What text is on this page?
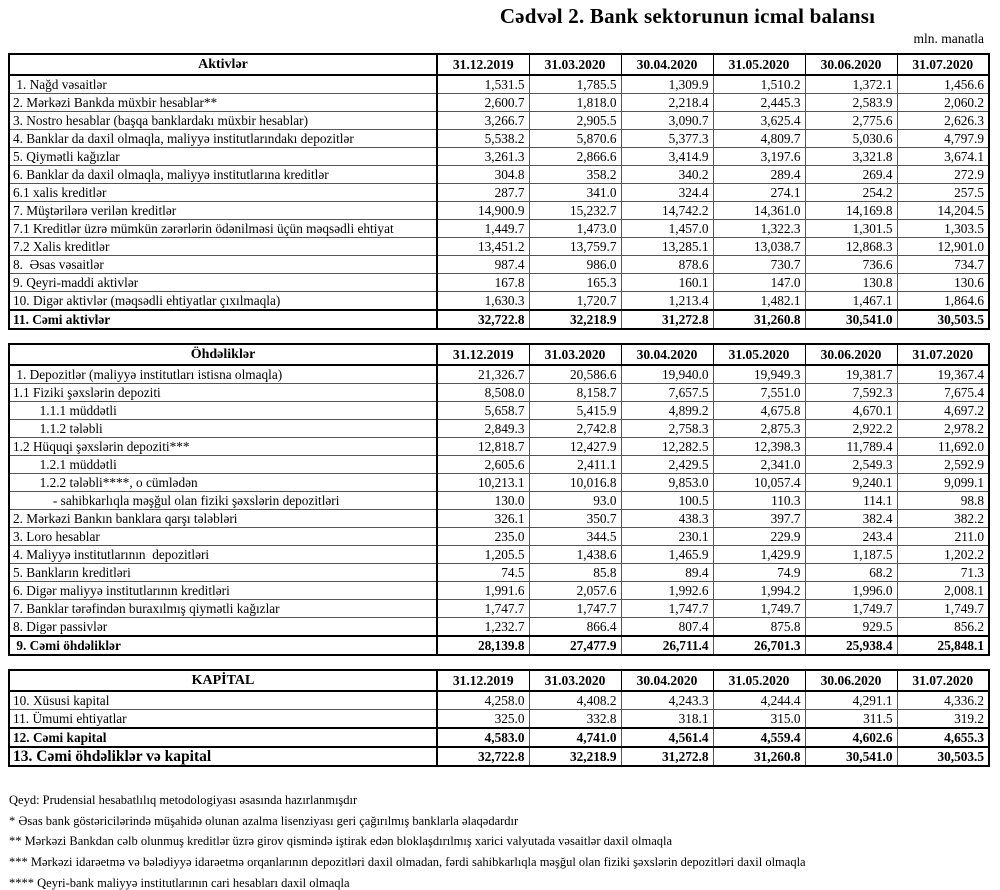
Cədvəl 2. Bank sektorunun icmal balansı
mln. manatla
Aktivlər	31.12.2019	31.03.2020	30.04.2020	31.05.2020	30.06.2020	31.07.2020
1. Nağd vəsaitlər	1,531.5	1,785.5	1,309.9	1,510.2	1,372.1	1,456.6
2. Mərkəzi Bankda müxbir hesablar**	2,600.7	1,818.0	2,218.4	2,445.3	2,583.9	2,060.2
3. Nostro hesablar (başqa banklardakı müxbir hesablar)	3,266.7	2,905.5	3,090.7	3,625.4	2,775.6	2,626.3
4. Banklar da daxil olmaqla, maliyyə institutlarındakı depozitlər	5,538.2	5,870.6	5,377.3	4,809.7	5,030.6	4,797.9
5. Qiymətli kağızlar	3,261.3	2,866.6	3,414.9	3,197.6	3,321.8	3,674.1
6. Banklar da daxil olmaqla, maliyyə institutlarına kreditlər	304.8	358.2	340.2	289.4	269.4	272.9
6.1 xalis kreditlər	287.7	341.0	324.4	274.1	254.2	257.5
7. Müştərilərə verilən kreditlər	14,900.9	15,232.7	14,742.2	14,361.0	14,169.8	14,204.5
7.1 Kreditlər üzrə mümkün zərərlərin ödənilməsi üçün məqsədli ehtiyat	1,449.7	1,473.0	1,457.0	1,322.3	1,301.5	1,303.5
7.2 Xalis kreditlər	13,451.2	13,759.7	13,285.1	13,038.7	12,868.3	12,901.0
8.  Əsas vəsaitlər	987.4	986.0	878.6	730.7	736.6	734.7
9. Qeyri-maddi aktivlər	167.8	165.3	160.1	147.0	130.8	130.6
10. Digər aktivlər (məqsədli ehtiyatlar çıxılmaqla)	1,630.3	1,720.7	1,213.4	1,482.1	1,467.1	1,864.6
11. Cəmi aktivlər	32,722.8	32,218.9	31,272.8	31,260.8	30,541.0	30,503.5
Öhdəliklər	31.12.2019	31.03.2020	30.04.2020	31.05.2020	30.06.2020	31.07.2020
1. Depozitlər (maliyyə institutları istisna olmaqla)	21,326.7	20,586.6	19,940.0	19,949.3	19,381.7	19,367.4
1.1 Fiziki şəxslərin depoziti	8,508.0	8,158.7	7,657.5	7,551.0	7,592.3	7,675.4
1.1.1 müddətli	5,658.7	5,415.9	4,899.2	4,675.8	4,670.1	4,697.2
1.1.2 tələbli	2,849.3	2,742.8	2,758.3	2,875.3	2,922.2	2,978.2
1.2 Hüquqi şəxslərin depoziti***	12,818.7	12,427.9	12,282.5	12,398.3	11,789.4	11,692.0
1.2.1 müddətli	2,605.6	2,411.1	2,429.5	2,341.0	2,549.3	2,592.9
1.2.2 tələbli****, o cümlədən	10,213.1	10,016.8	9,853.0	10,057.4	9,240.1	9,099.1
- sahibkarlıqla məşğul olan fiziki şəxslərin depozitləri	130.0	93.0	100.5	110.3	114.1	98.8
2. Mərkəzi Bankın banklara qarşı tələbləri	326.1	350.7	438.3	397.7	382.4	382.2
3. Loro hesablar	235.0	344.5	230.1	229.9	243.4	211.0
4. Maliyyə institutlarının  depozitləri	1,205.5	1,438.6	1,465.9	1,429.9	1,187.5	1,202.2
5. Bankların kreditləri	74.5	85.8	89.4	74.9	68.2	71.3
6. Digər maliyyə institutlarının kreditləri	1,991.6	2,057.6	1,992.6	1,994.2	1,996.0	2,008.1
7. Banklar tərəfindən buraxılmış qiymətli kağızlar	1,747.7	1,747.7	1,747.7	1,749.7	1,749.7	1,749.7
8. Digər passivlər	1,232.7	866.4	807.4	875.8	929.5	856.2
9. Cəmi öhdəliklər	28,139.8	27,477.9	26,711.4	26,701.3	25,938.4	25,848.1
KAPİTAL	31.12.2019	31.03.2020	30.04.2020	31.05.2020	30.06.2020	31.07.2020
10. Xüsusi kapital	4,258.0	4,408.2	4,243.3	4,244.4	4,291.1	4,336.2
11. Ümumi ehtiyatlar	325.0	332.8	318.1	315.0	311.5	319.2
12. Cəmi kapital	4,583.0	4,741.0	4,561.4	4,559.4	4,602.6	4,655.3
13. Cəmi öhdəliklər və kapital	32,722.8	32,218.9	31,272.8	31,260.8	30,541.0	30,503.5
Qeyd: Prudensial hesabatlılıq metodologiyası əsasında hazırlanmışdır
* Əsas bank göstəricilərində müşahidə olunan azalma lisenziyası geri çağırılmış banklarla əlaqədardır
** Mərkəzi Bankdan cəlb olunmuş kreditlər üzrə girov qismində iştirak edən bloklaşdırılmış xarici valyutada vəsaitlər daxil olmaqla
*** Mərkəzi idarəetmə və bələdiyyə idarəetmə orqanlarının depozitləri daxil olmadan, fərdi sahibkarlıqla məşğul olan fiziki şəxslərin depozitləri daxil olmaqla
**** Qeyri-bank maliyyə institutlarının cari hesabları daxil olmaqla
